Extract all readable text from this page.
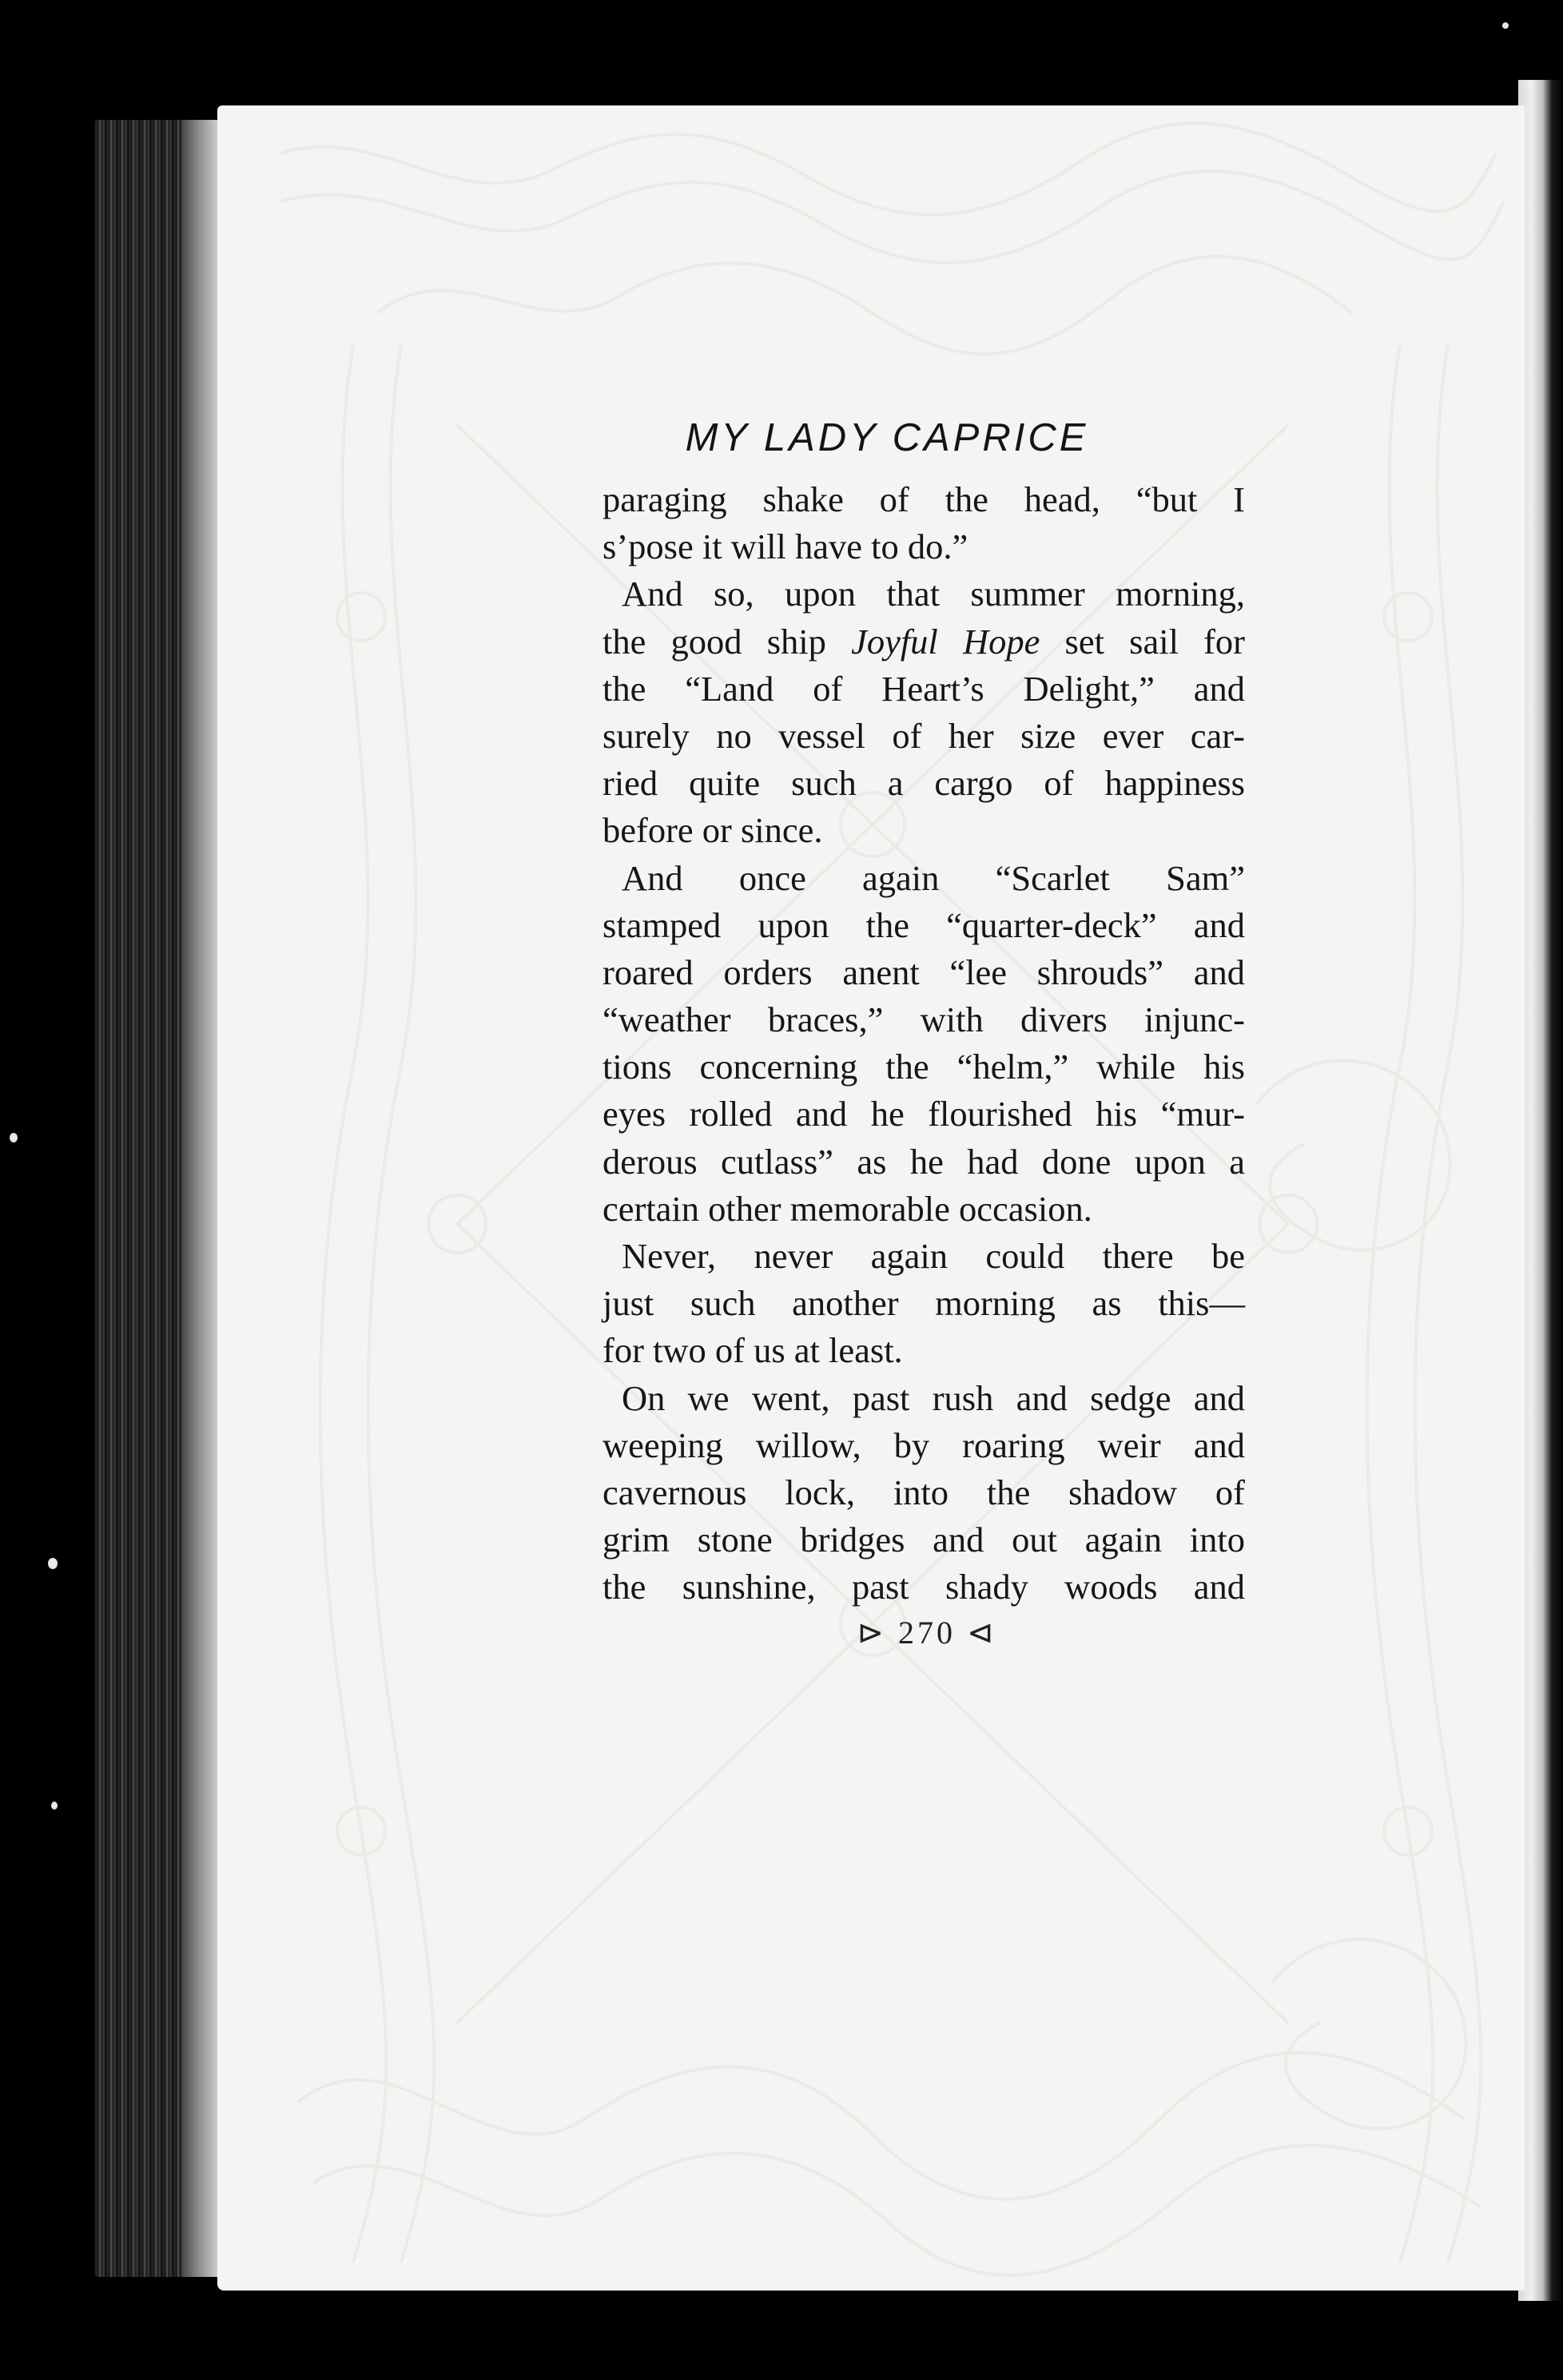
MY LADY CAPRICE
paraging shake of the head, “but I
s’pose it will have to do.”
And so, upon that summer morning,
the good ship Joyful Hope set sail for
the “Land of Heart’s Delight,” and
surely no vessel of her size ever car-
ried quite such a cargo of happiness
before or since.
And once again “Scarlet Sam”
stamped upon the “quarter-deck” and
roared orders anent “lee shrouds” and
“weather braces,” with divers injunc-
tions concerning the “helm,” while his
eyes rolled and he flourished his “mur-
derous cutlass” as he had done upon a
certain other memorable occasion.
Never, never again could there be
just such another morning as this—
for two of us at least.
On we went, past rush and sedge and
weeping willow, by roaring weir and
cavernous lock, into the shadow of
grim stone bridges and out again into
the sunshine, past shady woods and
⊳ 270 ⊲
